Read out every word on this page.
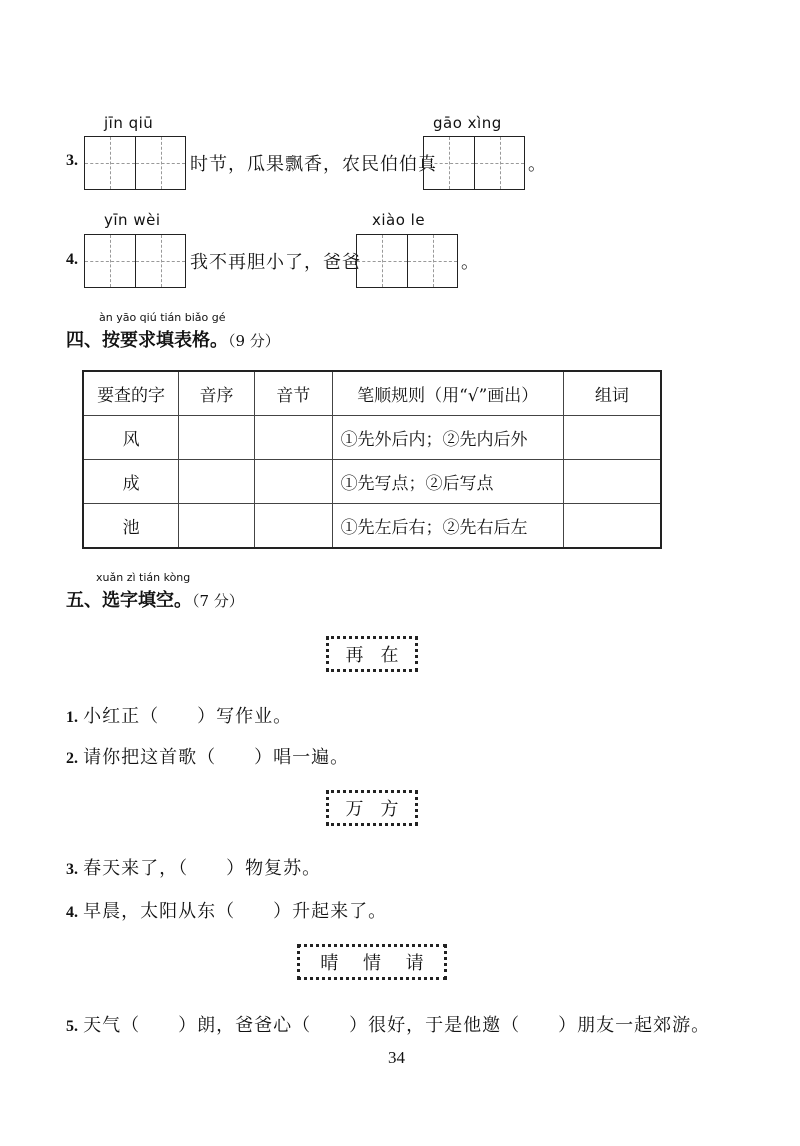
jīn qiū
3.	时节，瓜果飘香，农民伯伯真
gāo xìng
。
yīn wèi
4.	我不再胆小了，爸爸
xiào le
。
àn yāo qiú tián biǎo gé
四、按要求填表格。（9 分）
要查的字	音序	音节	笔顺规则（用“√”画出）	组词
风			①先外后内；②先内后外	
成			①先写点；②后写点	
池			①先左后右；②先右后左	
xuǎn zì tián kòng
五、选字填空。（7 分）
再 在
1. 小红正（　　）写作业。
2. 请你把这首歌（　　）唱一遍。
万 方
3. 春天来了，（　　）物复苏。
4. 早晨，太阳从东（　　）升起来了。
晴 情 请
5. 天气（　　）朗，爸爸心（　　）很好，于是他邀（　　）朋友一起郊游。
34
